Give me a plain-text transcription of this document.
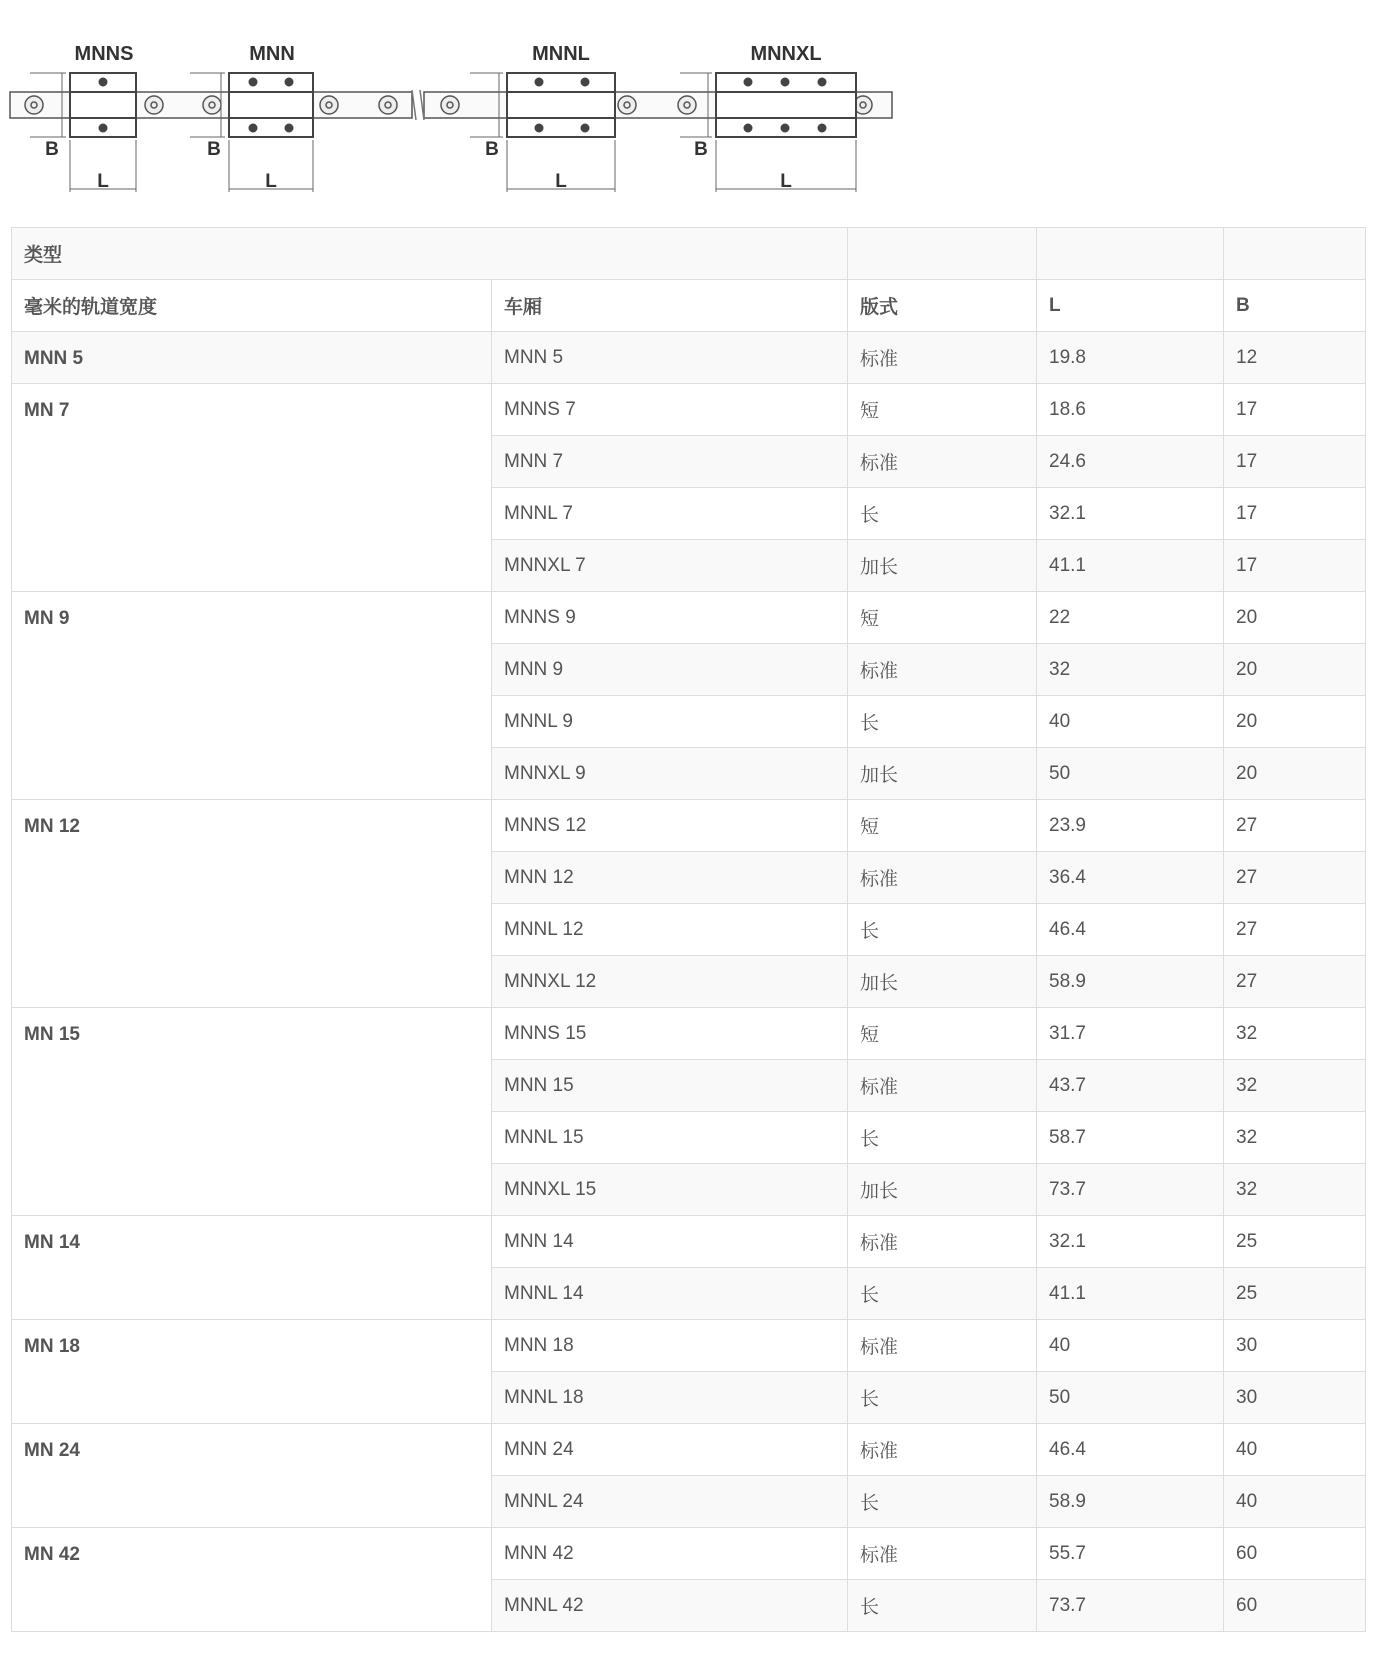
MNNS	MNN	MNNL	MNNXL
B	B	B	B
L	L	L	L
类型				
毫米的轨道宽度	车厢	版式	L	B
MNN 5	MNN 5	标准	19.8	12
MN 7	MNNS 7	短	18.6	17
	MNN 7	标准	24.6	17
	MNNL 7	长	32.1	17
	MNNXL 7	加长	41.1	17
MN 9	MNNS 9	短	22	20
	MNN 9	标准	32	20
	MNNL 9	长	40	20
	MNNXL 9	加长	50	20
MN 12	MNNS 12	短	23.9	27
	MNN 12	标准	36.4	27
	MNNL 12	长	46.4	27
	MNNXL 12	加长	58.9	27
MN 15	MNNS 15	短	31.7	32
	MNN 15	标准	43.7	32
	MNNL 15	长	58.7	32
	MNNXL 15	加长	73.7	32
MN 14	MNN 14	标准	32.1	25
	MNNL 14	长	41.1	25
MN 18	MNN 18	标准	40	30
	MNNL 18	长	50	30
MN 24	MNN 24	标准	46.4	40
	MNNL 24	长	58.9	40
MN 42	MNN 42	标准	55.7	60
	MNNL 42	长	73.7	60
